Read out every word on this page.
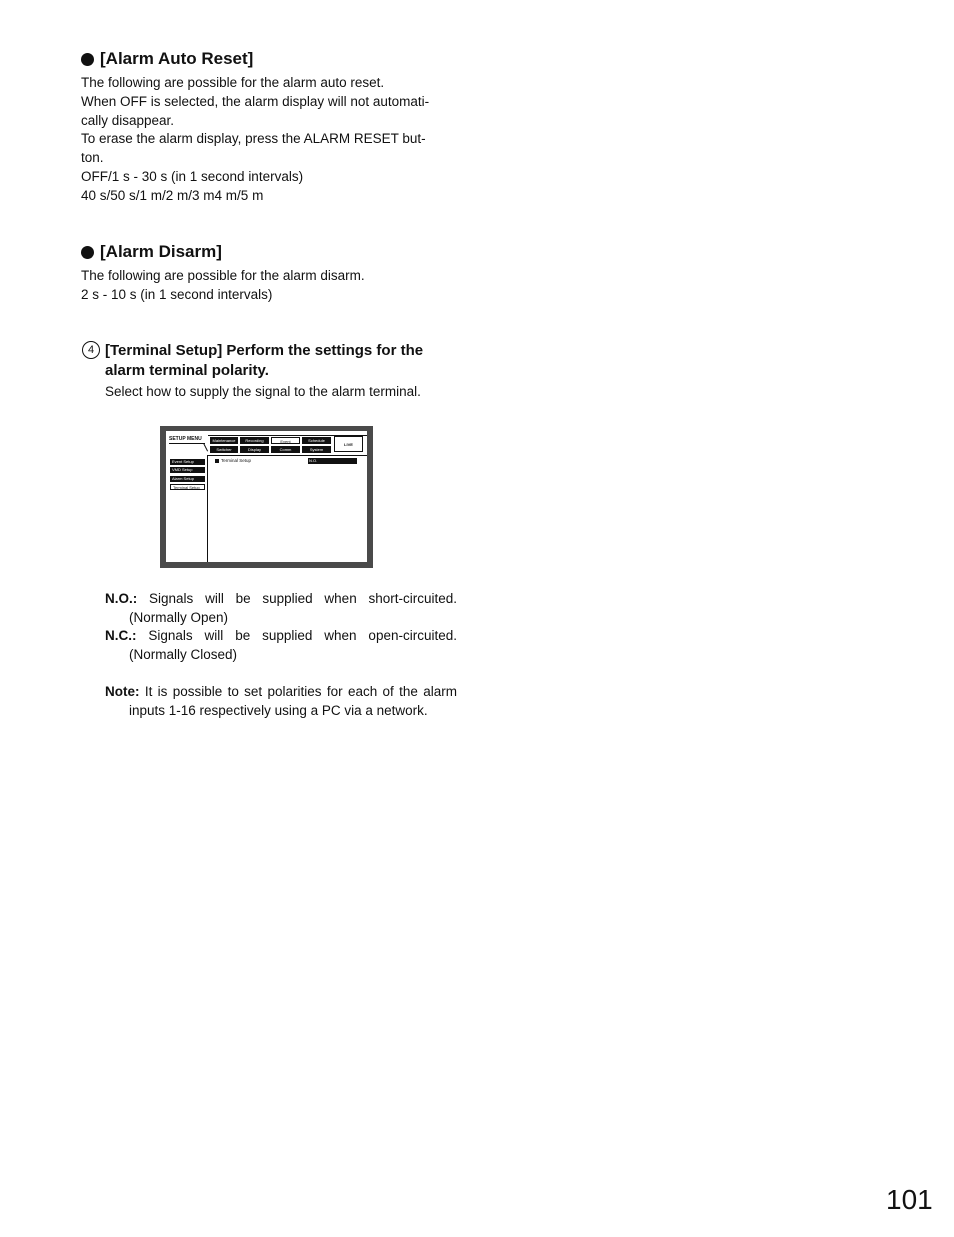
[Alarm Auto Reset]
The following are possible for the alarm auto reset.
When OFF is selected, the alarm display will not automati-
cally disappear.
To erase the alarm display, press the ALARM RESET but-
ton.
OFF/1 s - 30 s (in 1 second intervals)
40 s/50 s/1 m/2 m/3 m4 m/5 m
[Alarm Disarm]
The following are possible for the alarm disarm.
2 s - 10 s (in 1 second intervals)
4 [Terminal Setup] Perform the settings for the
alarm terminal polarity.
Select how to supply the signal to the alarm terminal.
SETUP MENU	Maintenance	Recording	Event	Schedule
Switcher	Display	Comm	System
LIVE
Event Setup
VMD Setup
Alarm Setup
Terminal Setup
Terminal Setup	N.O.
N.O.: Signals will be supplied when short-circuited.
(Normally Open)
N.C.: Signals will be supplied when open-circuited.
(Normally Closed)
Note: It is possible to set polarities for each of the alarm
inputs 1-16 respectively using a PC via a network.
101
